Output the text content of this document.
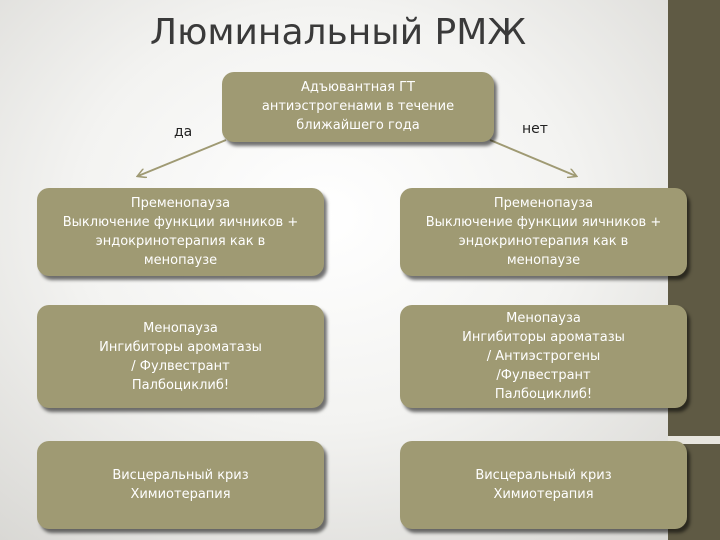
Люминальный РМЖ
Адъювантная ГТ
антиэстрогенами в течение
ближайшего года
да	нет
Пременопауза
Выключение функции яичников +
эндокринотерапия как в
менопаузе
Менопауза
Ингибиторы ароматазы
/ Фулвестрант
Палбоциклиб!
Висцеральный криз
Химиотерапия
Пременопауза
Выключение функции яичников +
эндокринотерапия как в
менопаузе
Менопауза
Ингибиторы ароматазы
/ Антиэстрогены
/Фулвестрант
Палбоциклиб!
Висцеральный криз
Химиотерапия
